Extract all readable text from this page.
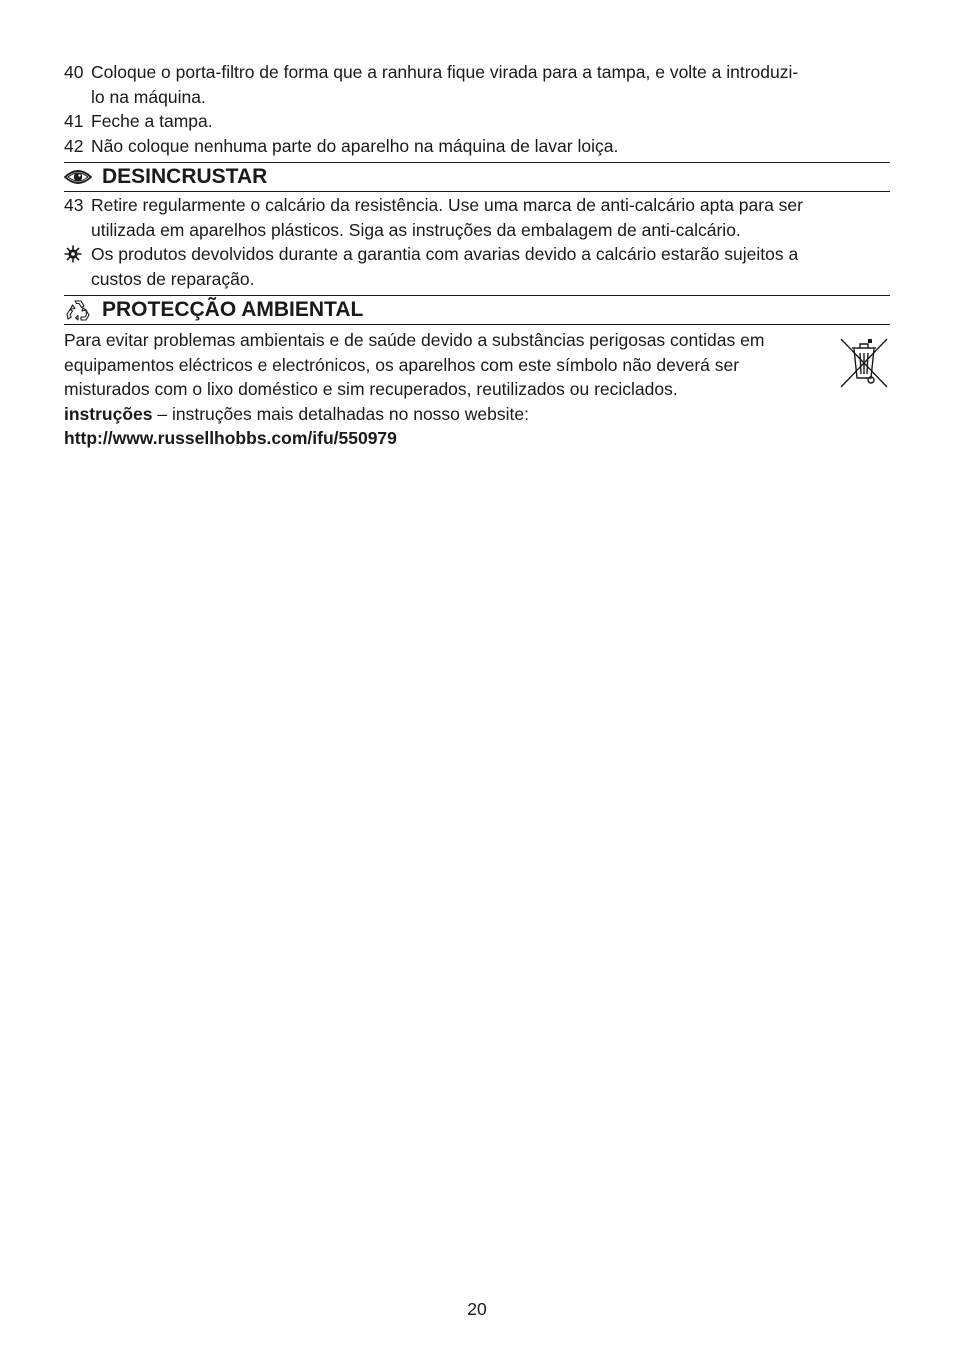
40 Coloque o porta-filtro de forma que a ranhura fique virada para a tampa, e volte a introduzi-
lo na máquina.
41 Feche a tampa.
42 Não coloque nenhuma parte do aparelho na máquina de lavar loiça.
DESINCRUSTAR
43 Retire regularmente o calcário da resistência. Use uma marca de anti-calcário apta para ser
utilizada em aparelhos plásticos. Siga as instruções da embalagem de anti-calcário.
Os produtos devolvidos durante a garantia com avarias devido a calcário estarão sujeitos a
custos de reparação.
PROTECÇÃO AMBIENTAL
Para evitar problemas ambientais e de saúde devido a substâncias perigosas contidas em
equipamentos eléctricos e electrónicos, os aparelhos com este símbolo não deverá ser
misturados com o lixo doméstico e sim recuperados, reutilizados ou reciclados.
instruções – instruções mais detalhadas no nosso website:
http://www.russellhobbs.com/ifu/550979
20
